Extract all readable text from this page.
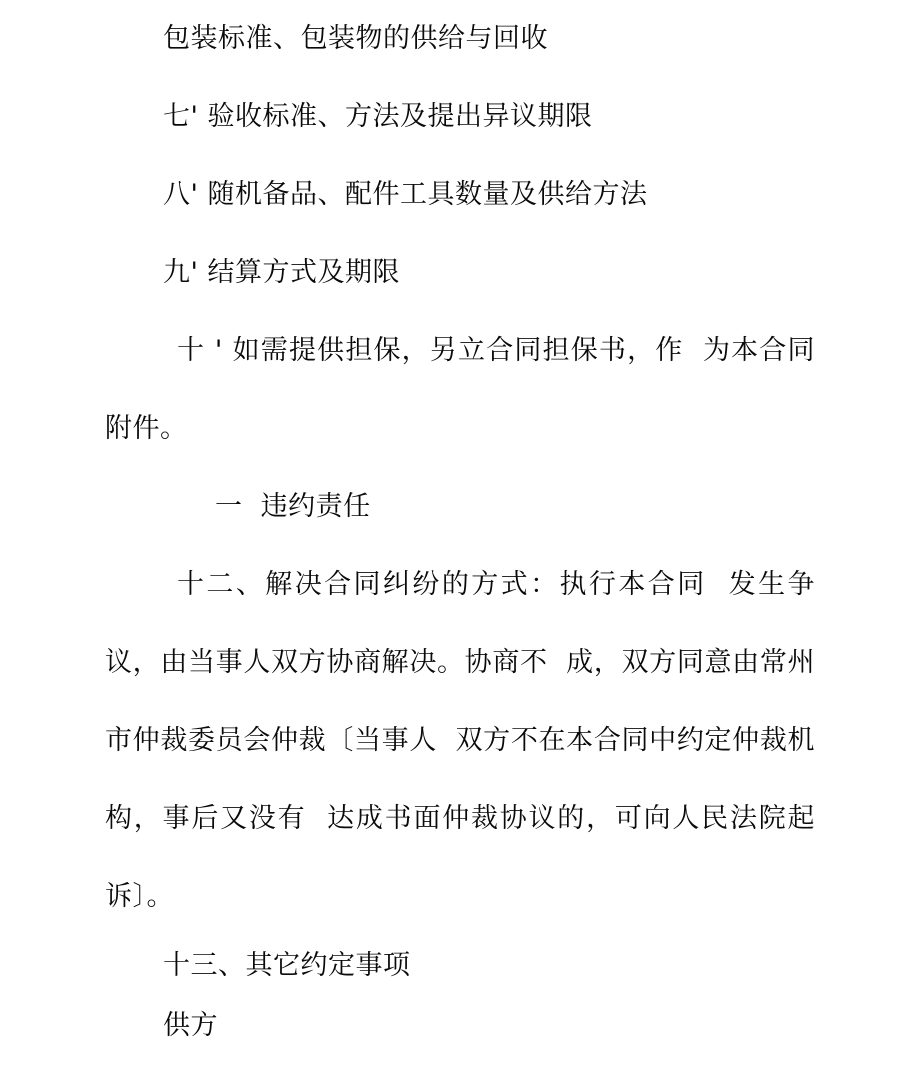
包装标准、包装物的供给与回收

七' 验收标准、方法及提出异议期限

八' 随机备品、配件工具数量及供给方法

九' 结算方式及期限

十 ' 如需提供担保，另立合同担保书，作  为本合同附件。

一  违约责任

十二、解决合同纠纷的方式：执行本合同  发生争议，由当事人双方协商解决。协商不  成，双方同意由常州市仲裁委员会仲裁〔当事人  双方不在本合同中约定仲裁机构，事后又没有  达成书面仲裁协议的，可向人民法院起诉〕。

十三、其它约定事项

供方
